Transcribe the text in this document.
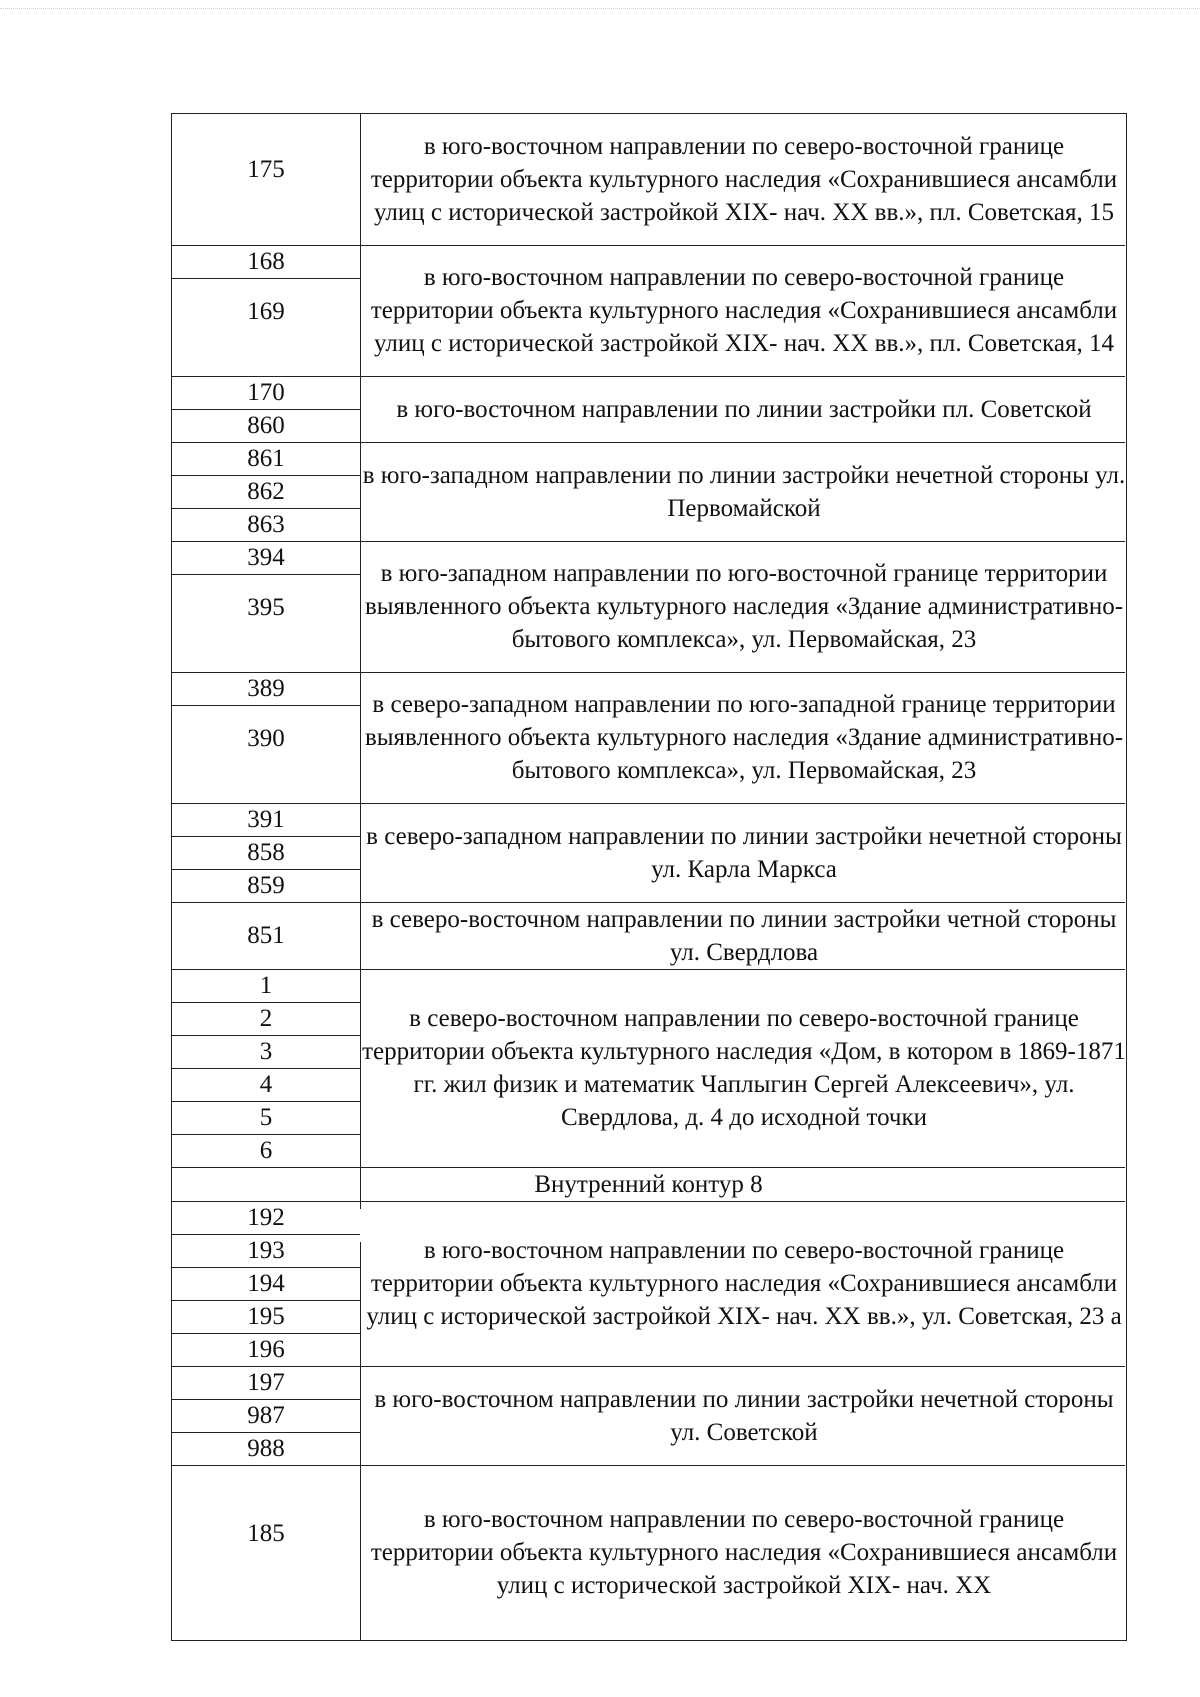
175

в юго-восточном направлении по северо-восточной границе территории объекта культурного наследия «Сохранившиеся ансамбли улиц с исторической застройкой XIX- нач. XX вв.», пл. Советская, 15

168
169

в юго-восточном направлении по северо-восточной границе территории объекта культурного наследия «Сохранившиеся ансамбли улиц с исторической застройкой XIX- нач. XX вв.», пл. Советская, 14

170
860

в юго-восточном направлении по линии застройки пл. Советской

861
862
863

в юго-западном направлении по линии застройки нечетной стороны ул. Первомайской

394
395

в юго-западном направлении по юго-восточной границе территории выявленного объекта культурного наследия «Здание административно-бытового комплекса», ул. Первомайская, 23

389
390

в северо-западном направлении по юго-западной границе территории выявленного объекта культурного наследия «Здание административно-бытового комплекса», ул. Первомайская, 23

391
858
859

в северо-западном направлении по линии застройки нечетной стороны ул. Карла Маркса

851

в северо-восточном направлении по линии застройки четной стороны ул. Свердлова

1
2
3
4
5
6

в северо-восточном направлении по северо-восточной границе территории объекта культурного наследия «Дом, в котором в 1869-1871 гг. жил физик и математик Чаплыгин Сергей Алексеевич», ул. Свердлова, д. 4 до исходной точки

Внутренний контур 8
192
193
194
195
196

в юго-восточном направлении по северо-восточной границе территории объекта культурного наследия «Сохранившиеся ансамбли улиц с исторической застройкой XIX- нач. XX вв.», ул. Советская, 23 а

197
987
988

в юго-восточном направлении по линии застройки нечетной стороны ул. Советской

185

в юго-восточном направлении по северо-восточной границе территории объекта культурного наследия «Сохранившиеся ансамбли улиц с исторической застройкой XIX- нач. XX
